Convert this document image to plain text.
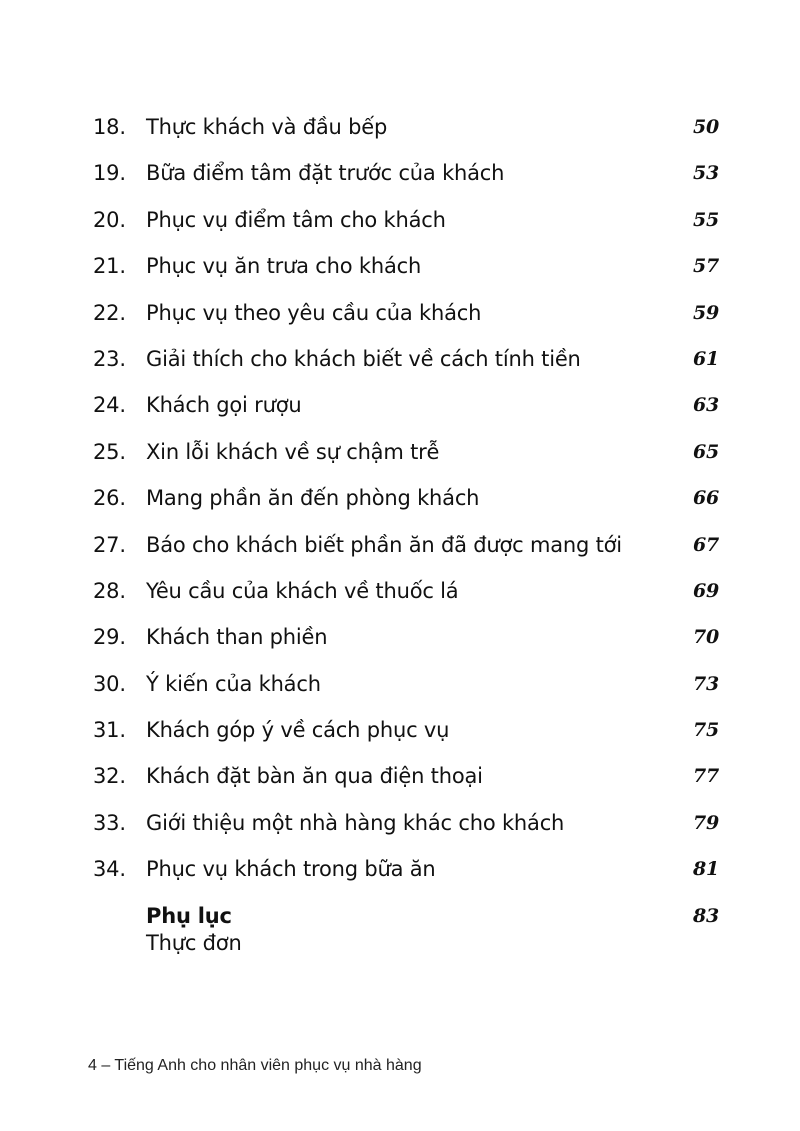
18. Thực khách và đầu bếp	50
19. Bữa điểm tâm đặt trước của khách	53
20. Phục vụ điểm tâm cho khách	55
21. Phục vụ ăn trưa cho khách	57
22. Phục vụ theo yêu cầu của khách	59
23. Giải thích cho khách biết về cách tính tiền	61
24. Khách gọi rượu	63
25. Xin lỗi khách về sự chậm trễ	65
26. Mang phần ăn đến phòng khách	66
27. Báo cho khách biết phần ăn đã được mang tới	67
28. Yêu cầu của khách về thuốc lá	69
29. Khách than phiền	70
30. Ý kiến của khách	73
31. Khách góp ý về cách phục vụ	75
32. Khách đặt bàn ăn qua điện thoại	77
33. Giới thiệu một nhà hàng khác cho khách	79
34. Phục vụ khách trong bữa ăn	81
Phụ lục	83
Thực đơn
4 – Tiếng Anh cho nhân viên phục vụ nhà hàng
